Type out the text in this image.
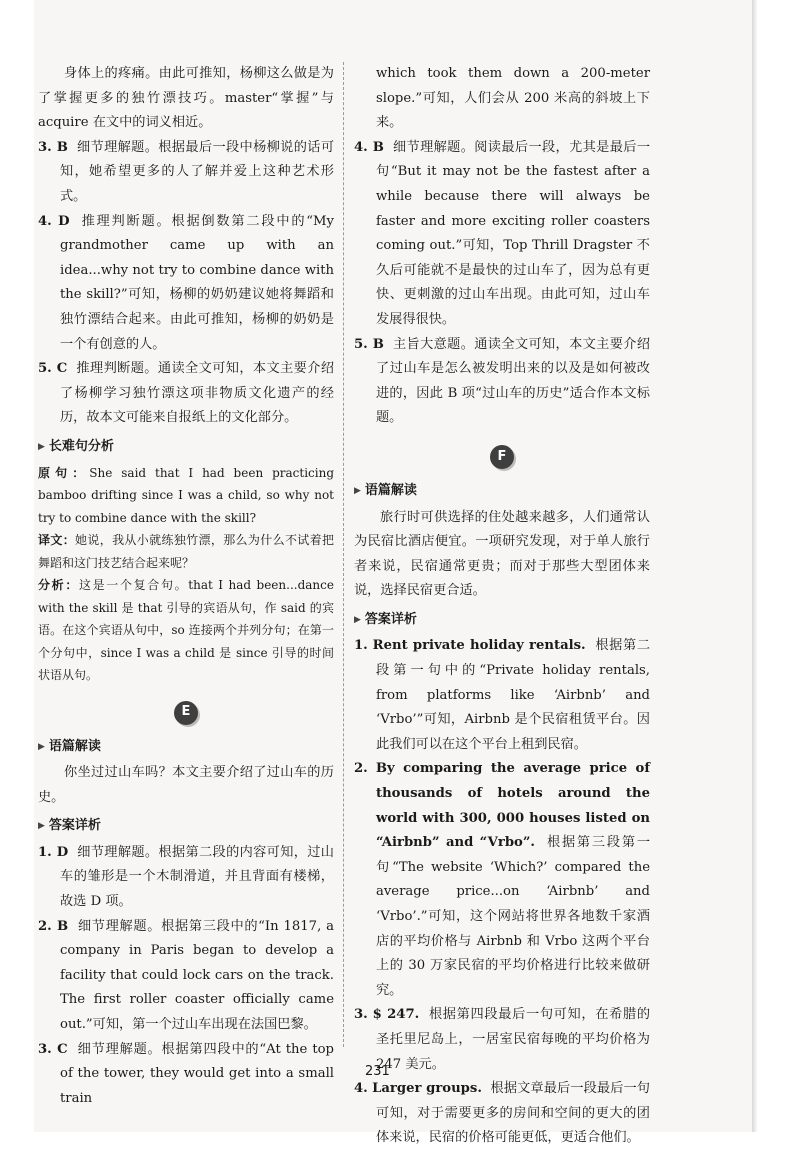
身体上的疼痛。由此可推知，杨柳这么做是为了掌握更多的独竹漂技巧。master“掌握”与acquire 在文中的词义相近。

3. B 细节理解题。根据最后一段中杨柳说的话可知，她希望更多的人了解并爱上这种艺术形式。

4. D 推理判断题。根据倒数第二段中的“My grandmother came up with an idea...why not try to combine dance with the skill?”可知，杨柳的奶奶建议她将舞蹈和独竹漂结合起来。由此可推知，杨柳的奶奶是一个有创意的人。

5. C 推理判断题。通读全文可知，本文主要介绍了杨柳学习独竹漂这项非物质文化遗产的经历，故本文可能来自报纸上的文化部分。

▶ 长难句分析

原句：She said that I had been practicing bamboo drifting since I was a child, so why not try to combine dance with the skill?

译文：她说，我从小就练独竹漂，那么为什么不试着把舞蹈和这门技艺结合起来呢？

分析：这是一个复合句。that I had been...dance with the skill 是 that 引导的宾语从句，作 said 的宾语。在这个宾语从句中，so 连接两个并列分句；在第一个分句中，since I was a child 是 since 引导的时间状语从句。

E
▶ 语篇解读

你坐过过山车吗？本文主要介绍了过山车的历史。

▶ 答案详析

1. D 细节理解题。根据第二段的内容可知，过山车的雏形是一个木制滑道，并且背面有楼梯，故选 D 项。

2. B 细节理解题。根据第三段中的“In 1817, a company in Paris began to develop a facility that could lock cars on the track. The first roller coaster officially came out.”可知，第一个过山车出现在法国巴黎。

3. C 细节理解题。根据第四段中的“At the top of the tower, they would get into a small train

which took them down a 200-meter slope.”可知，人们会从 200 米高的斜坡上下来。

4. B 细节理解题。阅读最后一段，尤其是最后一句“But it may not be the fastest after a while because there will always be faster and more exciting roller coasters coming out.”可知，Top Thrill Dragster 不久后可能就不是最快的过山车了，因为总有更快、更刺激的过山车出现。由此可知，过山车发展得很快。

5. B 主旨大意题。通读全文可知，本文主要介绍了过山车是怎么被发明出来的以及是如何被改进的，因此 B 项“过山车的历史”适合作本文标题。

F
▶ 语篇解读

旅行时可供选择的住处越来越多，人们通常认为民宿比酒店便宜。一项研究发现，对于单人旅行者来说，民宿通常更贵；而对于那些大型团体来说，选择民宿更合适。

▶ 答案详析

1. Rent private holiday rentals. 根据第二段第一句中的“Private holiday rentals, from platforms like ‘Airbnb’ and ‘Vrbo’”可知，Airbnb 是个民宿租赁平台。因此我们可以在这个平台上租到民宿。

2. By comparing the average price of thousands of hotels around the world with 300, 000 houses listed on “Airbnb” and “Vrbo”. 根据第三段第一句“The website ‘Which?’ compared the average price...on ‘Airbnb’ and ‘Vrbo’.”可知，这个网站将世界各地数千家酒店的平均价格与 Airbnb 和 Vrbo 这两个平台上的 30 万家民宿的平均价格进行比较来做研究。

3. $ 247. 根据第四段最后一句可知，在希腊的圣托里尼岛上，一居室民宿每晚的平均价格为 247 美元。

4. Larger groups. 根据文章最后一段最后一句可知，对于需要更多的房间和空间的更大的团体来说，民宿的价格可能更低，更适合他们。

231
